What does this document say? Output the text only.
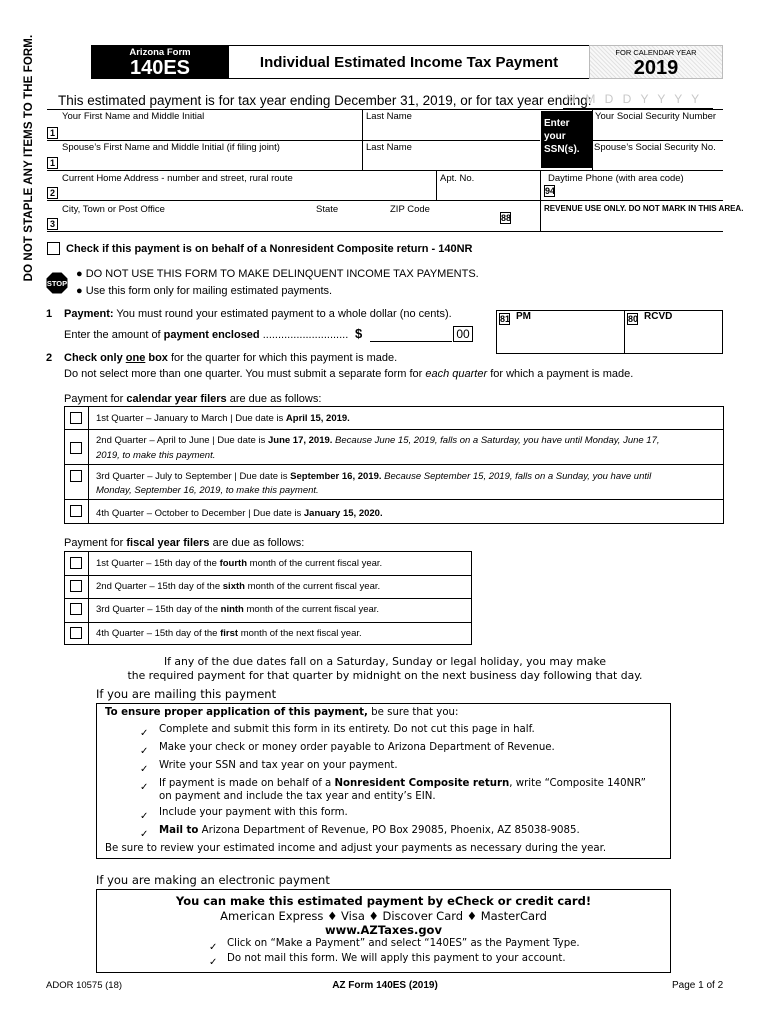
DO NOT STAPLE ANY ITEMS TO THE FORM.	Arizona Form
140ES	Individual Estimated Income Tax Payment
FOR CALENDAR YEAR
2019
This estimated payment is for tax year ending December 31, 2019, or for tax year ending:
M M D D Y Y Y Y
Your First Name and Middle Initial	Last Name	Your Social Security Number
1
Enter
your
SSN(s).
Spouse’s First Name and Middle Initial (if filing joint)	Last Name	Spouse’s Social Security No.
1
Current Home Address - number and street, rural route	Apt. No.	Daytime Phone (with area code)
2	94
City, Town or Post Office	State	ZIP Code	REVENUE USE ONLY. DO NOT MARK IN THIS AREA.
3
88
Check if this payment is on behalf of a Nonresident Composite return - 140NR
STOP
● DO NOT USE THIS FORM TO MAKE DELINQUENT INCOME TAX PAYMENTS.
● Use this form only for mailing estimated payments.
1 Payment: You must round your estimated payment to a whole dollar (no cents).
Enter the amount of payment enclosed ............................ $	00
81 PM	80 RCVD
2 Check only one box for the quarter for which this payment is made.
Do not select more than one quarter. You must submit a separate form for each quarter for which a payment is made.
Payment for calendar year filers are due as follows:
1st Quarter – January to March | Due date is April 15, 2019.
2nd Quarter – April to June | Due date is June 17, 2019. Because June 15, 2019, falls on a Saturday, you have until Monday, June 17,
2019, to make this payment.
3rd Quarter – July to September | Due date is September 16, 2019. Because September 15, 2019, falls on a Sunday, you have until
Monday, September 16, 2019, to make this payment.
4th Quarter – October to December | Due date is January 15, 2020.
Payment for fiscal year filers are due as follows:
1st Quarter – 15th day of the fourth month of the current fiscal year.
2nd Quarter – 15th day of the sixth month of the current fiscal year.
3rd Quarter – 15th day of the ninth month of the current fiscal year.
4th Quarter – 15th day of the first month of the next fiscal year.
If any of the due dates fall on a Saturday, Sunday or legal holiday, you may make
the required payment for that quarter by midnight on the next business day following that day.
If you are mailing this payment
To ensure proper application of this payment, be sure that you:
✓ Complete and submit this form in its entirety. Do not cut this page in half.
✓ Make your check or money order payable to Arizona Department of Revenue.
✓ Write your SSN and tax year on your payment.
✓ If payment is made on behalf of a Nonresident Composite return, write “Composite 140NR”
on payment and include the tax year and entity’s EIN.
✓ Include your payment with this form.
✓ Mail to Arizona Department of Revenue, PO Box 29085, Phoenix, AZ 85038-9085.
Be sure to review your estimated income and adjust your payments as necessary during the year.
If you are making an electronic payment
You can make this estimated payment by eCheck or credit card!
American Express ♦ Visa ♦ Discover Card ♦ MasterCard
www.AZTaxes.gov
✓ Click on “Make a Payment” and select “140ES” as the Payment Type.
✓ Do not mail this form. We will apply this payment to your account.
ADOR 10575 (18)	AZ Form 140ES (2019)	Page 1 of 2
